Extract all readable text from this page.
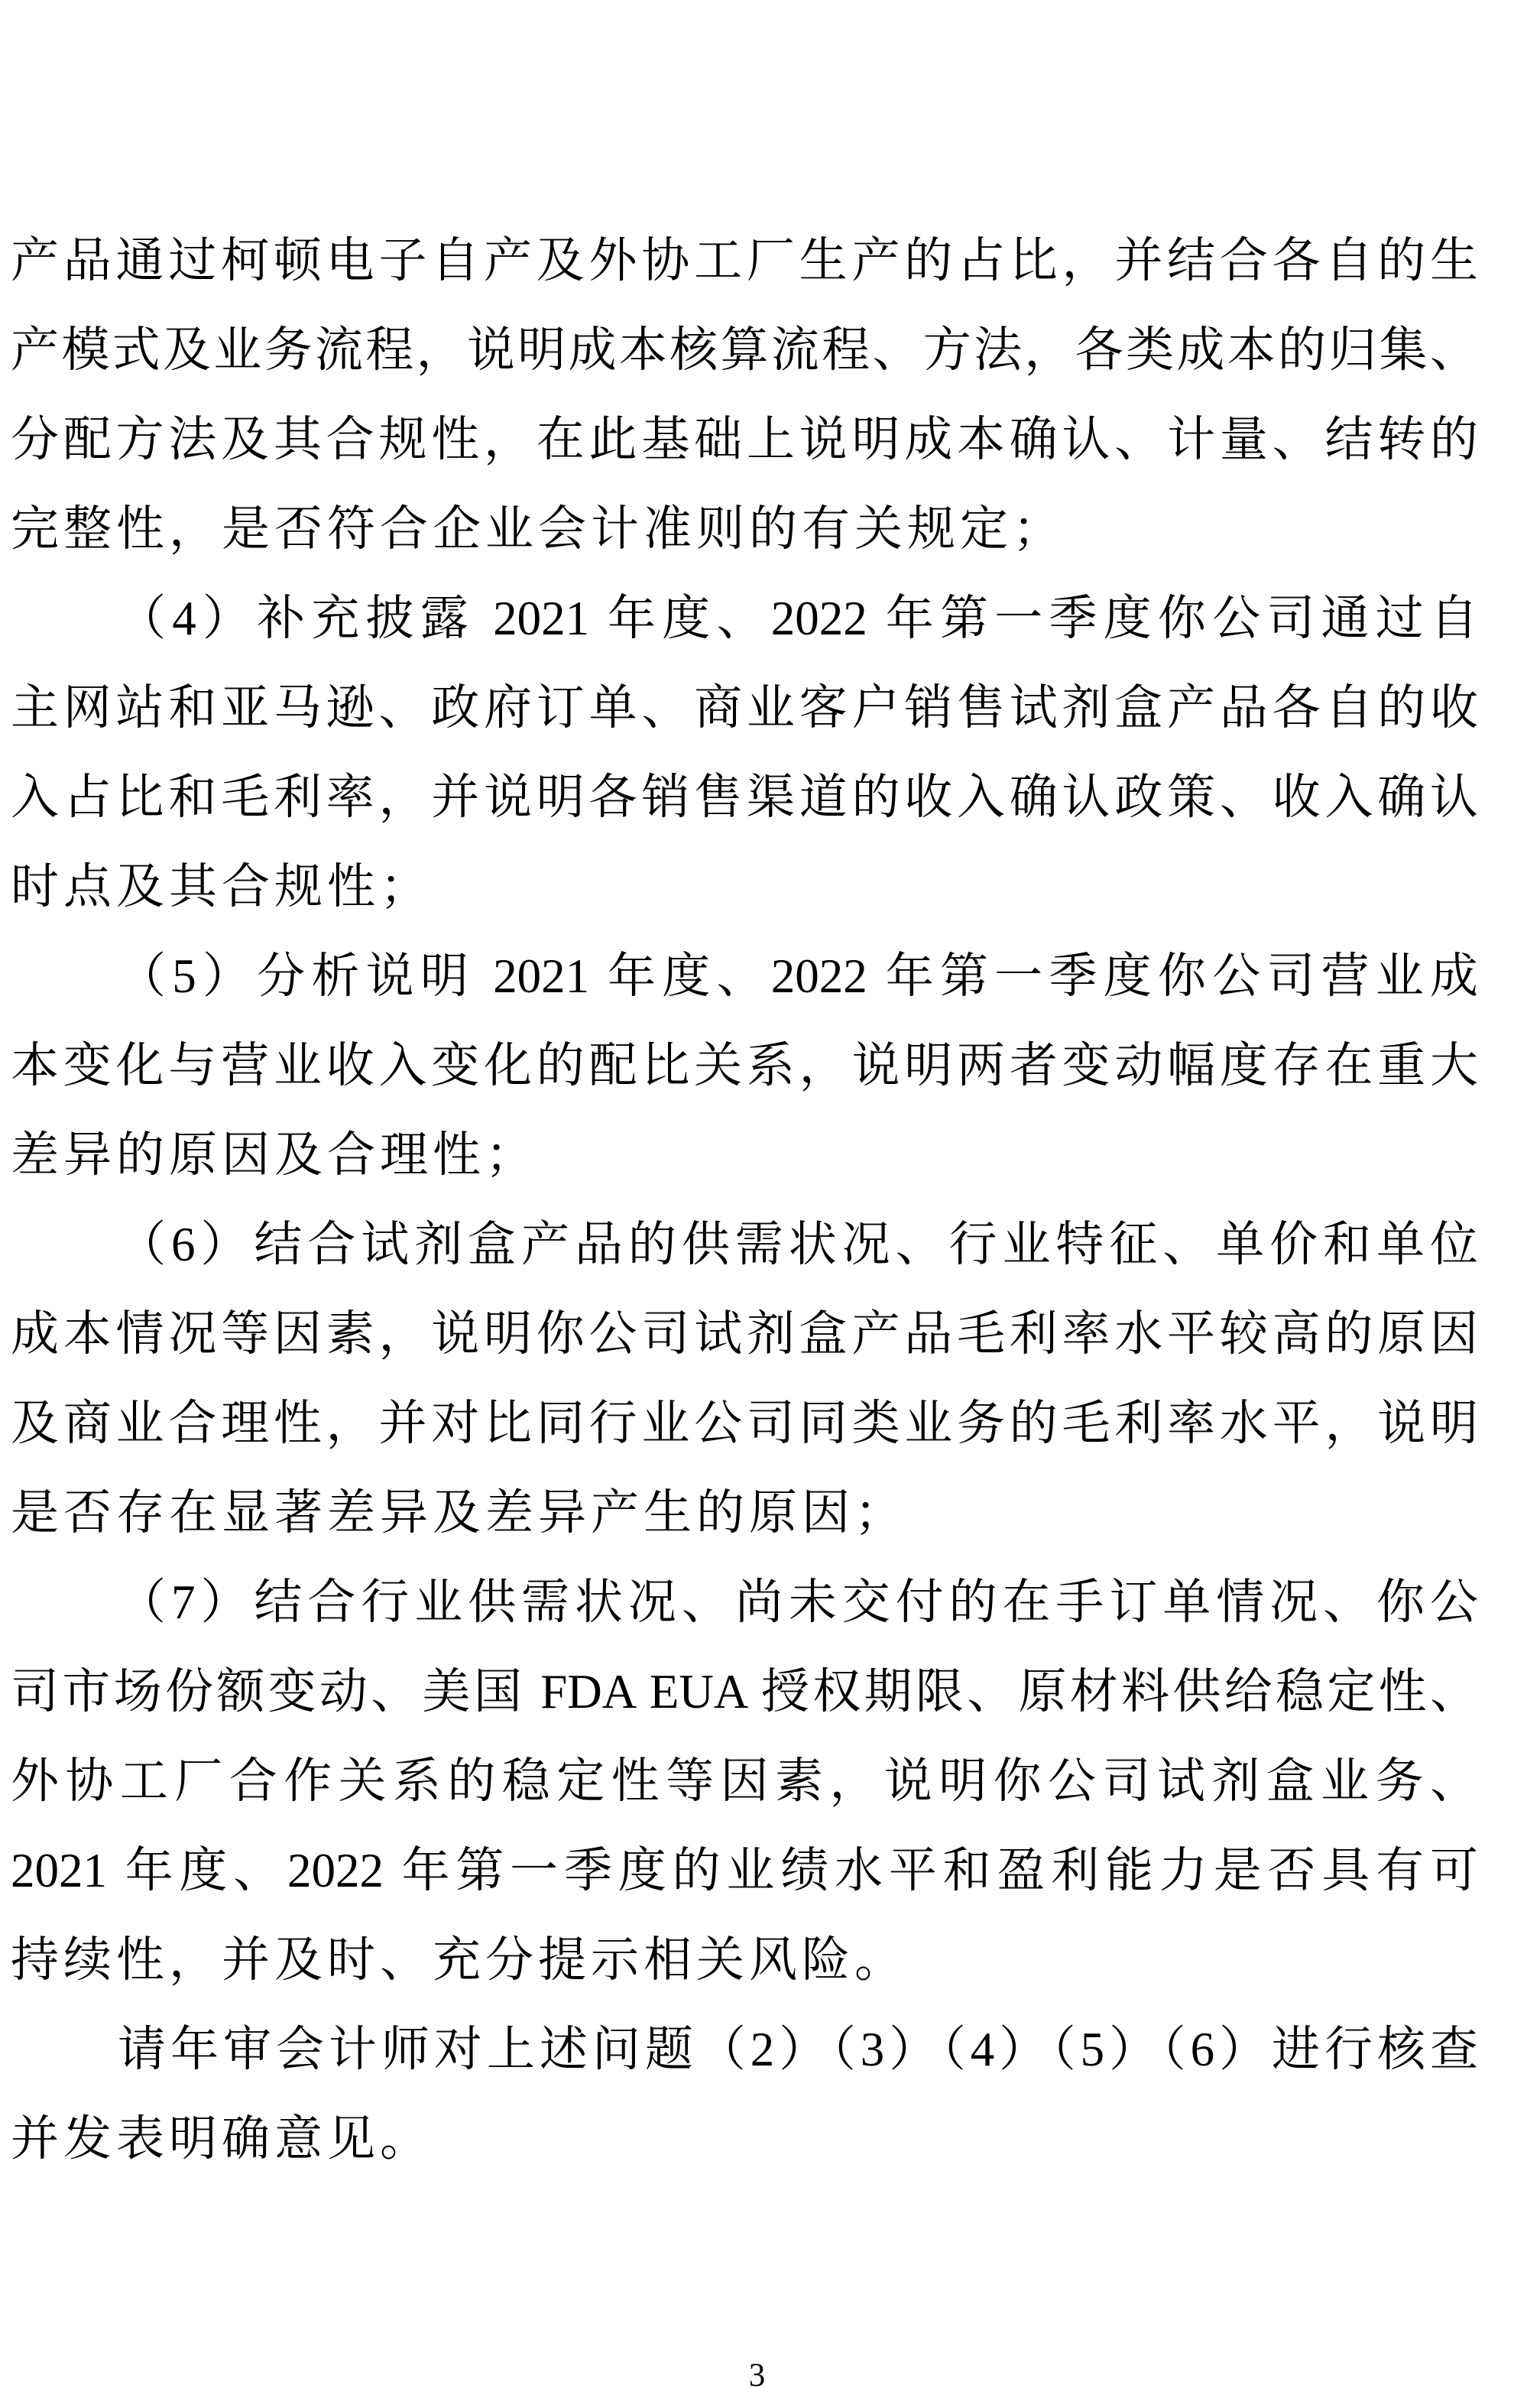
产品通过柯顿电子自产及外协工厂生产的占比，并结合各自的生
产模式及业务流程，说明成本核算流程、方法，各类成本的归集、
分配方法及其合规性，在此基础上说明成本确认、计量、结转的
完整性，是否符合企业会计准则的有关规定；
（4）补充披露 2021 年度、2022 年第一季度你公司通过自
主网站和亚马逊、政府订单、商业客户销售试剂盒产品各自的收
入占比和毛利率，并说明各销售渠道的收入确认政策、收入确认
时点及其合规性；
（5）分析说明 2021 年度、2022 年第一季度你公司营业成
本变化与营业收入变化的配比关系，说明两者变动幅度存在重大
差异的原因及合理性；
（6）结合试剂盒产品的供需状况、行业特征、单价和单位
成本情况等因素，说明你公司试剂盒产品毛利率水平较高的原因
及商业合理性，并对比同行业公司同类业务的毛利率水平，说明
是否存在显著差异及差异产生的原因；
（7）结合行业供需状况、尚未交付的在手订单情况、你公
司市场份额变动、美国 FDA EUA 授权期限、原材料供给稳定性、
外协工厂合作关系的稳定性等因素，说明你公司试剂盒业务、
2021 年度、2022 年第一季度的业绩水平和盈利能力是否具有可
持续性，并及时、充分提示相关风险。
请年审会计师对上述问题（2）（3）（4）（5）（6）进行核查
并发表明确意见。
3
